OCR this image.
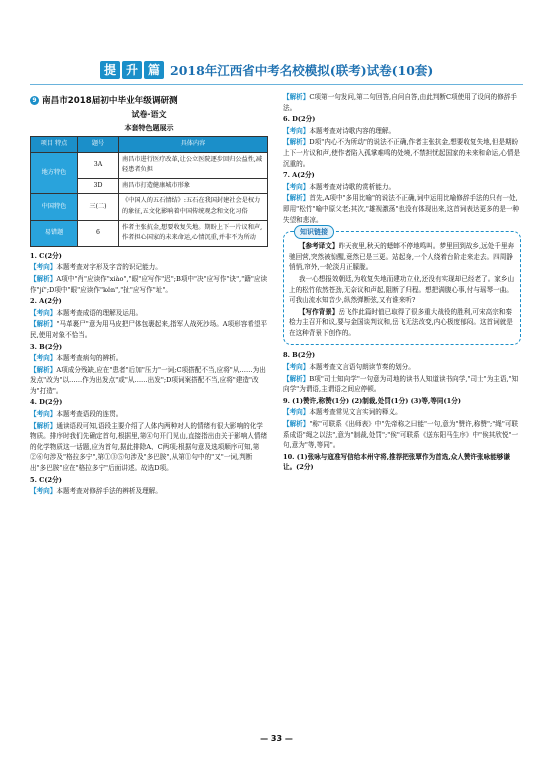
提 升 篇 2018年江西省中考名校模拟(联考)试卷(10套)
9 南昌市2018届初中毕业年级调研测
试卷·语文
本套特色题展示
项目 特点	题号	具体内容
地方特色	3A	南昌市进行医疗改革,让公立医院逐步回归公益性,减轻患者负担
	3D	南昌市打造健康城市形象
中国特色	三(二)	《中国人的五石情结》:五石在我国封建社会是权力的象征,五文化影响着中国传统观念和文化习俗
易错题	6	作者主张抗金,想要收复失地。期盼上下一片议和声,作者担心国家的未来命运,心情沉重,并非不为所动

1. C(2分)

【考向】本题考查对字形及字音的识记能力。

【解析】A项中"肖"应读作"xiào","眼"应写作"迟";B项中"决"应写作"诀","籍"应读作"jí";D项中"眼"应读作"kěn","扯"应写作"址"。

2. A(2分)

【考向】本题考查成语的理解及运用。

【解析】"马革裹尸"意为用马皮把尸体包裹起来,指军人战死沙场。A项形容希望平民,使用对象不恰当。

3. B(2分)

【考向】本题考查病句的辨析。

【解析】A项成分残缺,应在"患者"后加"压力"一词;C项搭配不当,应将"从……为出发点"改为"以……作为出发点"或"从……出发";D项词案搭配不当,应将"建造"改为"打造"。

4. D(2分)

【考向】本题考查语段的连贯。

【解析】通读语段可知,语段主要介绍了人体内两种对人的情绪有很大影响的化学物质。排序时我们先确定首句,根据里,第④句开门见山,直接指出由关于影响人情绪的化学物质这一话题,应为首句,据此排除A、C两项;根据句意及选项顺序可知,第②⑥句涉及"格拉多宁",第①③⑤句涉及"多巴胺",从第①句中的"又"一词,判断出"多巴胺"应在"格拉多宁"后面讲述。故选D项。

5. C(2分)

【考向】本题考查对修辞手法的辨析及理解。

【解析】C项第一句发问,第二句回答,自问自答,由此判断C项使用了设问的修辞手法。

6. D(2分)

【考向】本题考查对诗歌内容的理解。

【解析】D项"内心不为所动"的说法不正确,作者主张抗金,想要收复失地,但是期盼上下一片议和声,使作者陷入孤掌难鸣的处境,不禁担忧起国家的未来和命运,心情是沉重的。

7. A(2分)

【考向】本题考查对诗歌的赏析能力。

【解析】首先,A项中"多用比喻"的说法不正确,词中运用比喻修辞手法的只有一处,即用"松竹"喻中原父老;其次,"雄视激荡"也没有体现出来,这首词表达更多的是一种失望和悲凉。

知识链接

【参考译文】昨天夜里,秋天的蟋蟀不停地鸣叫。梦里回到故乡,远处千里奔驰回营,突然被惊醒,竟然已是三更。站起身,一个人绕着台阶走来走去。四周静悄悄,帘外,一轮淡月正朦胧。

我一心想报效朝廷,为收复失地而建功立业,还没有实现却已经老了。家乡山上的松竹依然苍劲,无奈议和声起,阻断了归程。想把满腹心事,付与瑶琴一曲。可我山流水知音少,纵然弹断弦,又有谁来听?

【写作背景】岳飞作此篇时值已取得了很多重大战役的胜利,可宋高宗和秦桧力主召开和议,要与金国谈判议和,岳飞无法改变,内心极度郁闷。这首词就是在这种背景下创作的。

8. B(2分)

【考向】本题考查文言语句朗读节奏的划分。

【解析】B项"司士知向学"一句意为司地的读书人知道读书向学,"司士"为主语,"知向学"为谓语,主谓语之间应停顿。

9. (1)赞许,称赞(1分) (2)制裁,处罚(1分) (3)等,等同(1分)

【考向】本题考查常见文言实词的释义。

【解析】"称"可联系《出师表》中"先帝称之曰能"一句,意为"赞许,称赞";"绳"可联系成语"绳之以法",意为"制裁,处罚";"俟"可联系《送东阳马生序》中"俟其欣悦"一句,意为"等,等同"。

10. (1)张咏与寇准写信给本州守将,推荐把张覃作为首选,众人赞许张咏能够谦让。(2分)

— 33 —
